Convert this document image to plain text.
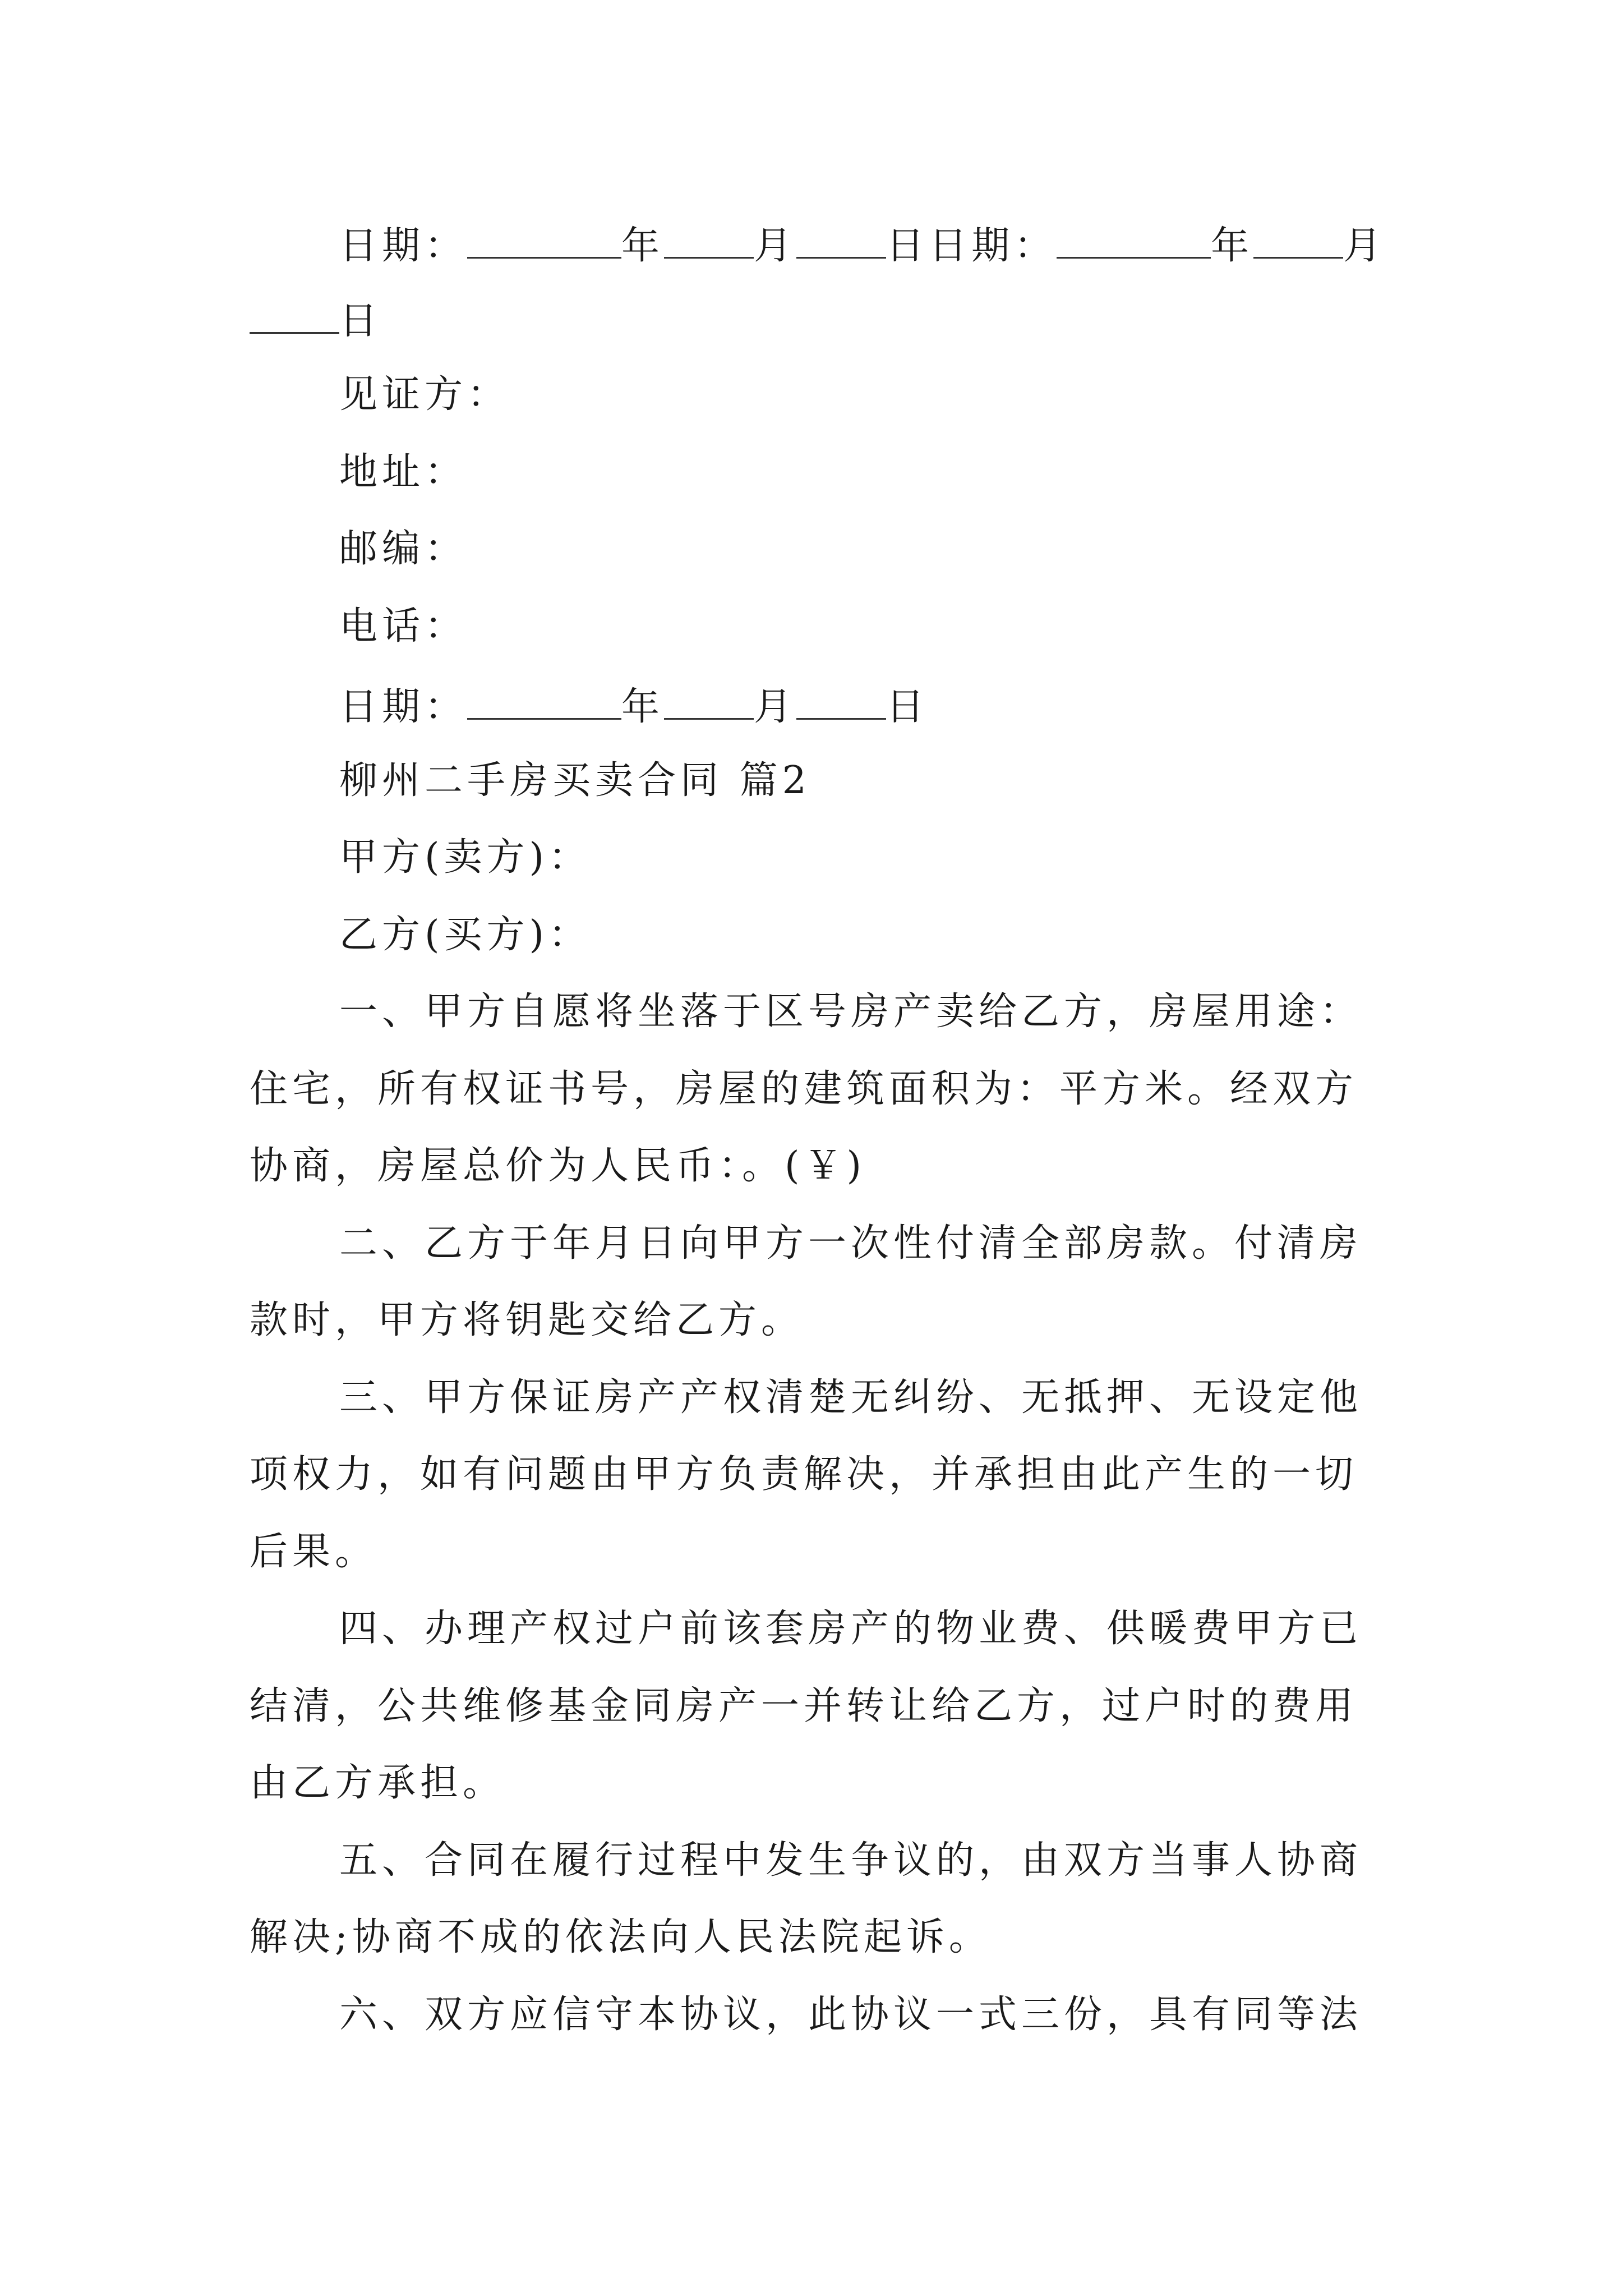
日期：	年 月 日日期：	年 月
日
见证方：
地址：
邮编：
电话：
日期：	年 月 日
柳州二手房买卖合同 篇2
甲方(卖方)：
乙方(买方)：
一、甲方自愿将坐落于区号房产卖给乙方，房屋用途：
住宅，所有权证书号，房屋的建筑面积为：平方米。经双方
协商，房屋总价为人民币：。(￥)
二、乙方于年月日向甲方一次性付清全部房款。付清房
款时，甲方将钥匙交给乙方。
三、甲方保证房产产权清楚无纠纷、无抵押、无设定他
项权力，如有问题由甲方负责解决，并承担由此产生的一切
后果。
四、办理产权过户前该套房产的物业费、供暖费甲方已
结清，公共维修基金同房产一并转让给乙方，过户时的费用
由乙方承担。
五、合同在履行过程中发生争议的，由双方当事人协商
解决;协商不成的依法向人民法院起诉。
六、双方应信守本协议，此协议一式三份，具有同等法
